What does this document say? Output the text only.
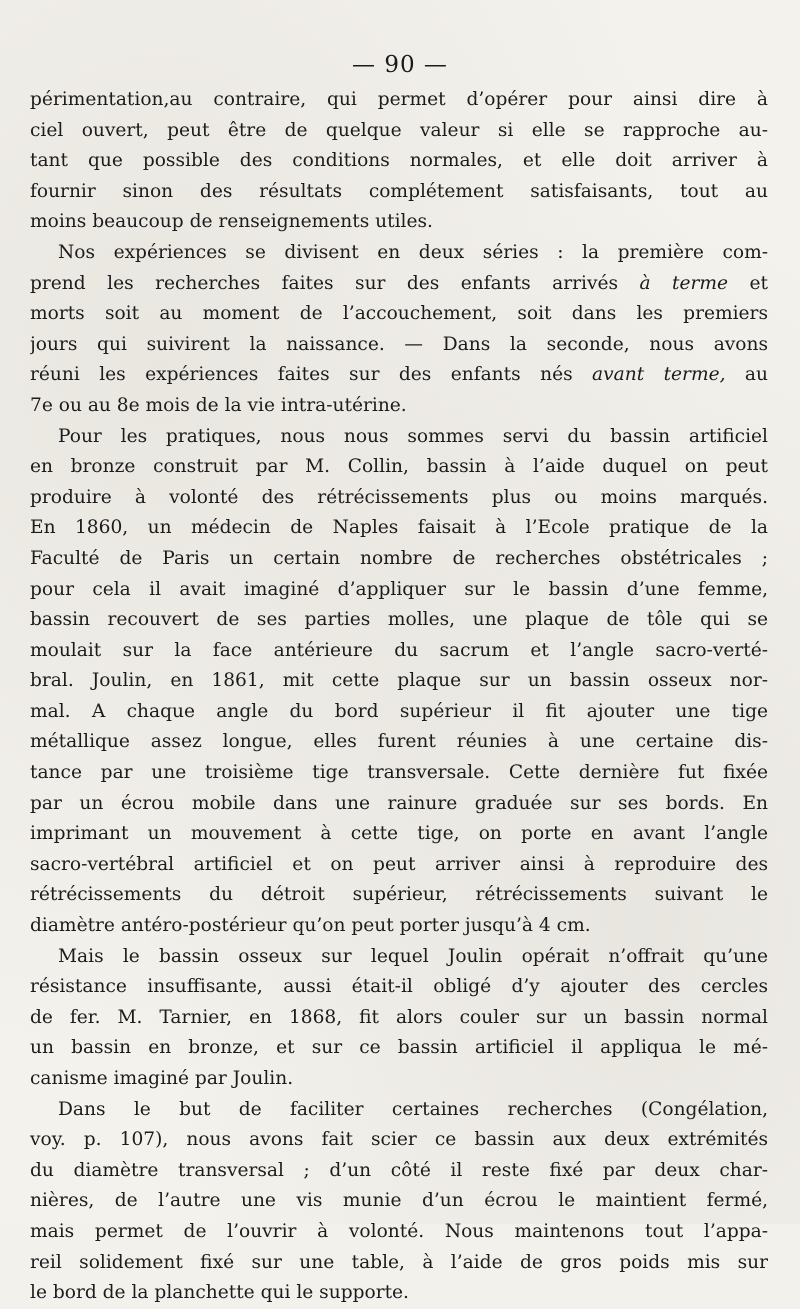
— 90 —
périmentation,au contraire, qui permet d’opérer pour ainsi dire à
ciel ouvert, peut être de quelque valeur si elle se rapproche au-
tant que possible des conditions normales, et elle doit arriver à
fournir sinon des résultats complétement satisfaisants, tout au
moins beaucoup de renseignements utiles.
Nos expériences se divisent en deux séries : la première com-
prend les recherches faites sur des enfants arrivés à terme et
morts soit au moment de l’accouchement, soit dans les premiers
jours qui suivirent la naissance. — Dans la seconde, nous avons
réuni les expériences faites sur des enfants nés avant terme, au
7e ou au 8e mois de la vie intra-utérine.
Pour les pratiques, nous nous sommes servi du bassin artificiel
en bronze construit par M. Collin, bassin à l’aide duquel on peut
produire à volonté des rétrécissements plus ou moins marqués.
En 1860, un médecin de Naples faisait à l’Ecole pratique de la
Faculté de Paris un certain nombre de recherches obstétricales ;
pour cela il avait imaginé d’appliquer sur le bassin d’une femme,
bassin recouvert de ses parties molles, une plaque de tôle qui se
moulait sur la face antérieure du sacrum et l’angle sacro-verté-
bral. Joulin, en 1861, mit cette plaque sur un bassin osseux nor-
mal. A chaque angle du bord supérieur il fit ajouter une tige
métallique assez longue, elles furent réunies à une certaine dis-
tance par une troisième tige transversale. Cette dernière fut fixée
par un écrou mobile dans une rainure graduée sur ses bords. En
imprimant un mouvement à cette tige, on porte en avant l’angle
sacro-vertébral artificiel et on peut arriver ainsi à reproduire des
rétrécissements du détroit supérieur, rétrécissements suivant le
diamètre antéro-postérieur qu’on peut porter jusqu’à 4 cm.
Mais le bassin osseux sur lequel Joulin opérait n’offrait qu’une
résistance insuffisante, aussi était-il obligé d’y ajouter des cercles
de fer. M. Tarnier, en 1868, fit alors couler sur un bassin normal
un bassin en bronze, et sur ce bassin artificiel il appliqua le mé-
canisme imaginé par Joulin.
Dans le but de faciliter certaines recherches (Congélation,
voy. p. 107), nous avons fait scier ce bassin aux deux extrémités
du diamètre transversal ; d’un côté il reste fixé par deux char-
nières, de l’autre une vis munie d’un écrou le maintient fermé,
mais permet de l’ouvrir à volonté. Nous maintenons tout l’appa-
reil solidement fixé sur une table, à l’aide de gros poids mis sur
le bord de la planchette qui le supporte.
